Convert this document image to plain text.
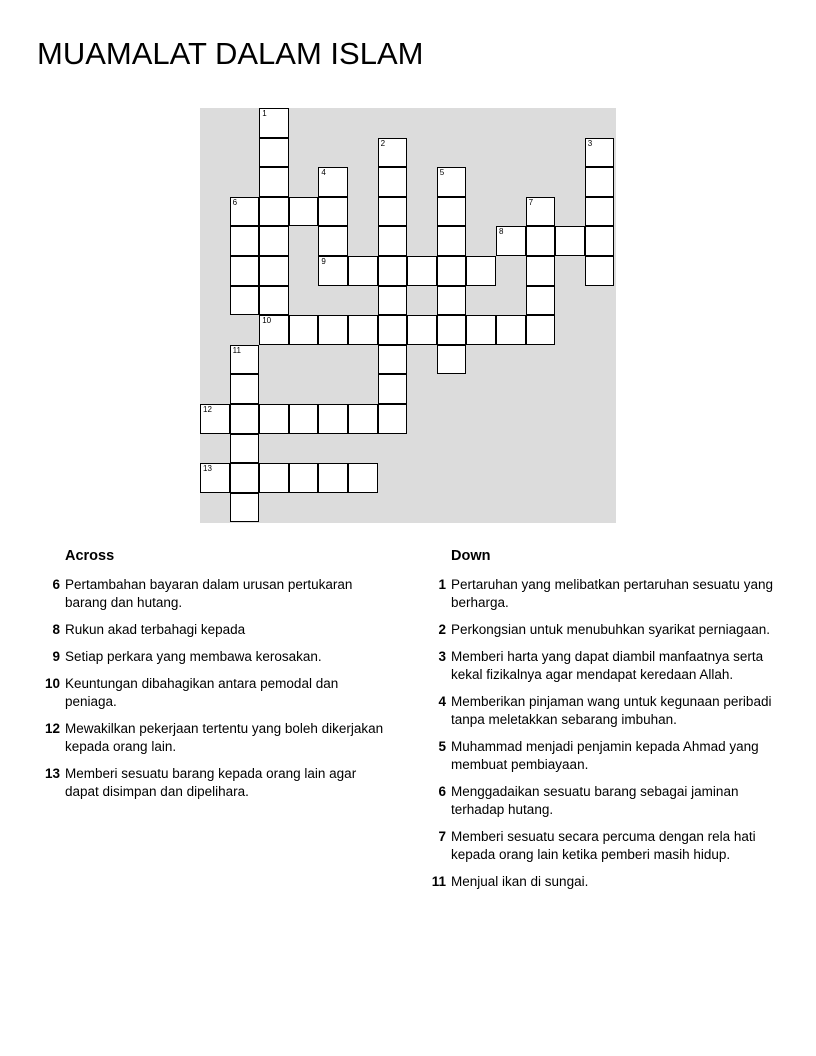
MUAMALAT DALAM ISLAM
1
10
2	3
4
9
5
6	7
8
11
12
13
Across
6 Pertambahan bayaran dalam urusan pertukaran barang dan hutang.
8 Rukun akad terbahagi kepada
9 Setiap perkara yang membawa kerosakan.
10 Keuntungan dibahagikan antara pemodal dan peniaga.
12 Mewakilkan pekerjaan tertentu yang boleh dikerjakan kepada orang lain.
13 Memberi sesuatu barang kepada orang lain agar dapat disimpan dan dipelihara.
Down
1 Pertaruhan yang melibatkan pertaruhan sesuatu yang berharga.
2 Perkongsian untuk menubuhkan syarikat perniagaan.
3 Memberi harta yang dapat diambil manfaatnya serta kekal fizikalnya agar mendapat keredaan Allah.
4 Memberikan pinjaman wang untuk kegunaan peribadi tanpa meletakkan sebarang imbuhan.
5 Muhammad menjadi penjamin kepada Ahmad yang membuat pembiayaan.
6 Menggadaikan sesuatu barang sebagai jaminan terhadap hutang.
7 Memberi sesuatu secara percuma dengan rela hati kepada orang lain ketika pemberi masih hidup.
11 Menjual ikan di sungai.
